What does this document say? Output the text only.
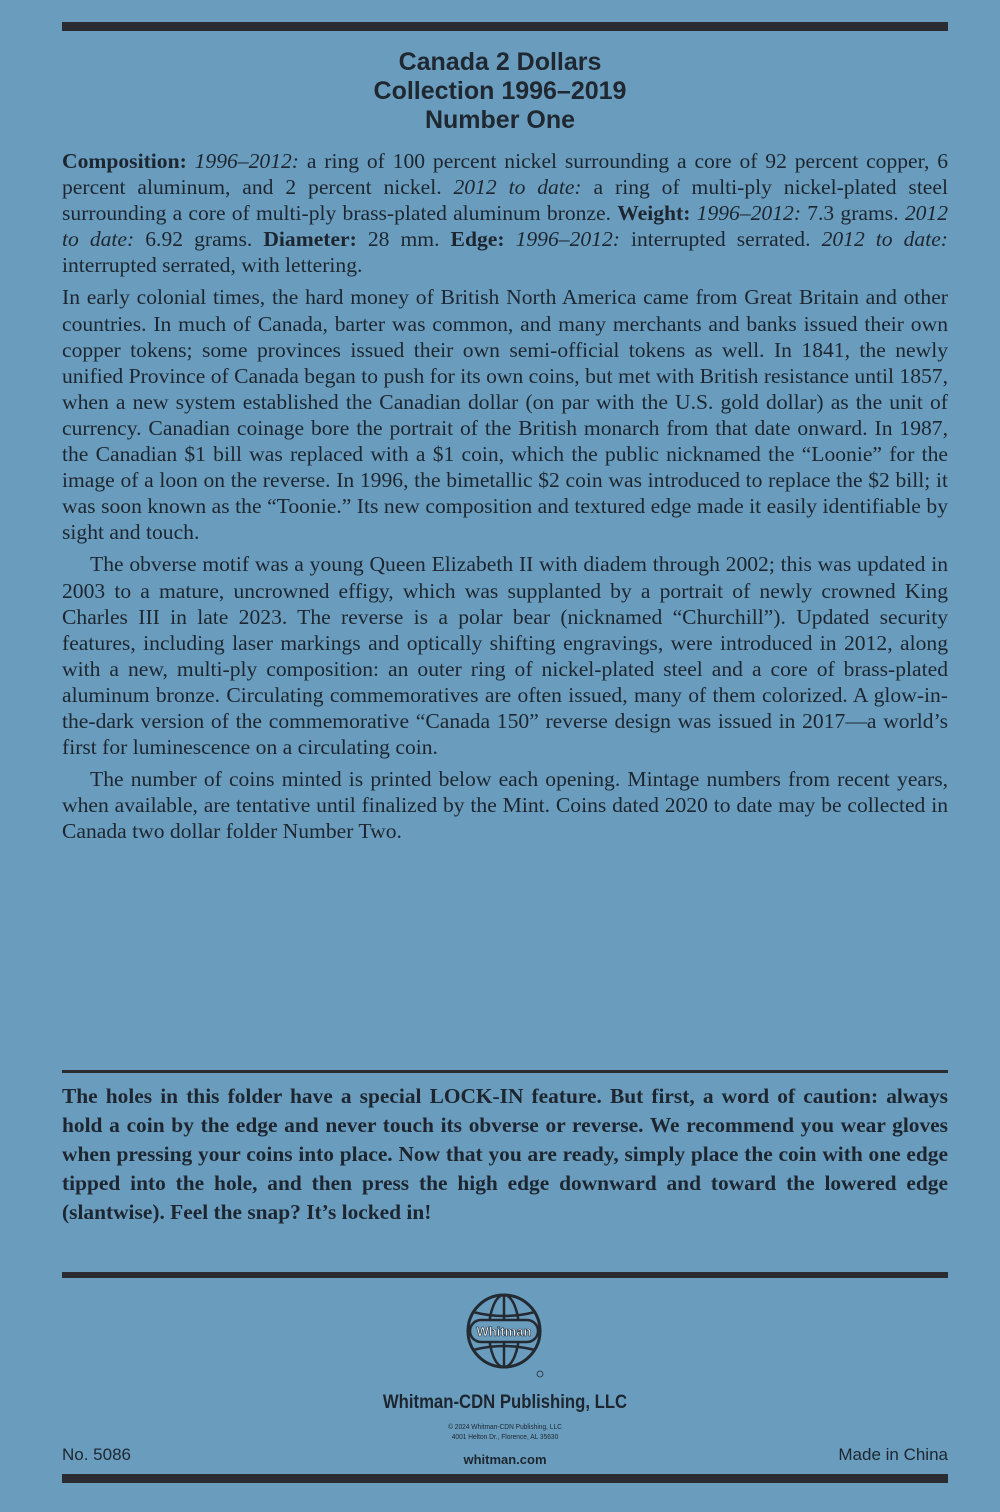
Canada 2 Dollars
Collection 1996–2019
Number One

Composition: 1996–2012: a ring of 100 percent nickel surrounding a core of 92 percent copper, 6 percent aluminum, and 2 percent nickel. 2012 to date: a ring of multi-ply nickel-plated steel surrounding a core of multi-ply brass-plated aluminum bronze. Weight: 1996–2012: 7.3 grams. 2012 to date: 6.92 grams. Diameter: 28 mm. Edge: 1996–2012: interrupted serrated. 2012 to date: interrupted serrated, with lettering.

In early colonial times, the hard money of British North America came from Great Britain and other countries. In much of Canada, barter was common, and many merchants and banks issued their own copper tokens; some provinces issued their own semi-official tokens as well. In 1841, the newly unified Province of Canada began to push for its own coins, but met with British resistance until 1857, when a new system established the Canadian dollar (on par with the U.S. gold dollar) as the unit of currency. Canadian coinage bore the portrait of the British monarch from that date onward. In 1987, the Canadian $1 bill was replaced with a $1 coin, which the public nicknamed the “Loonie” for the image of a loon on the reverse. In 1996, the bimetallic $2 coin was introduced to replace the $2 bill; it was soon known as the “Toonie.” Its new composition and textured edge made it easily identifiable by sight and touch.

The obverse motif was a young Queen Elizabeth II with diadem through 2002; this was updated in 2003 to a mature, uncrowned effigy, which was supplanted by a portrait of newly crowned King Charles III in late 2023. The reverse is a polar bear (nicknamed “Churchill”). Updated security features, including laser markings and optically shifting engravings, were introduced in 2012, along with a new, multi-ply composition: an outer ring of nickel-plated steel and a core of brass-plated aluminum bronze. Circulating commemoratives are often issued, many of them colorized. A glow-in-the-dark version of the commemorative “Canada 150” reverse design was issued in 2017—a world’s first for luminescence on a circulating coin.

The number of coins minted is printed below each opening. Mintage numbers from recent years, when available, are tentative until finalized by the Mint. Coins dated 2020 to date may be collected in Canada two dollar folder Number Two.

The holes in this folder have a special LOCK-IN feature. But first, a word of caution: always hold a coin by the edge and never touch its obverse or reverse. We recommend you wear gloves when pressing your coins into place. Now that you are ready, simply place the coin with one edge tipped into the hole, and then press the high edge downward and toward the lowered edge (slantwise). Feel the snap? It’s locked in!
Whitman
Whitman-CDN Publishing, LLC
© 2024 Whitman-CDN Publishing, LLC
4001 Helton Dr., Florence, AL 35630
whitman.com
No. 5086	Made in China
